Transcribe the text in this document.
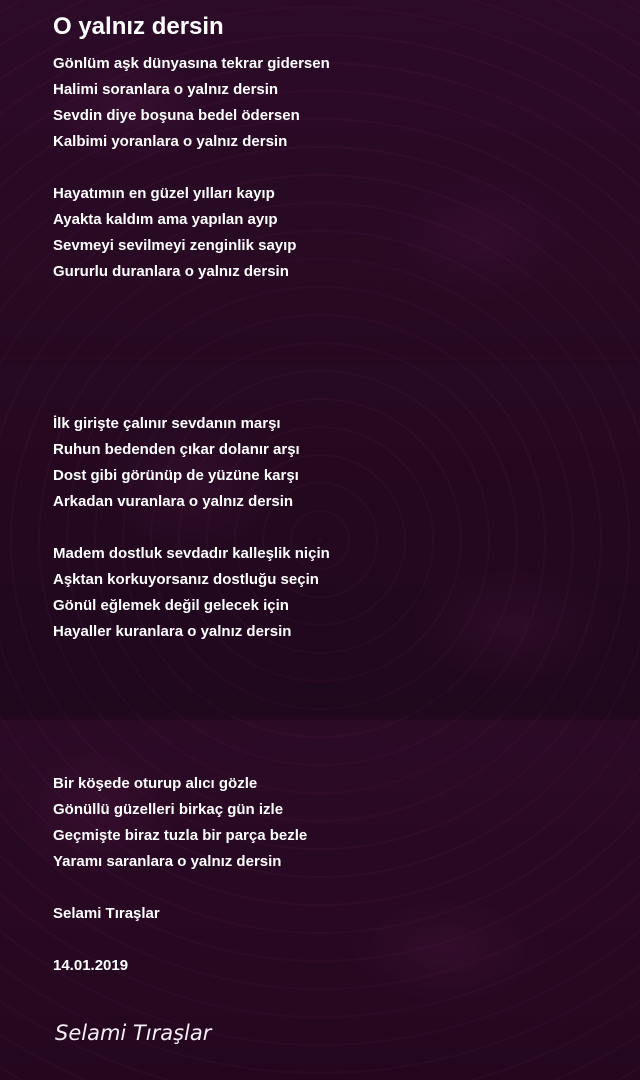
O yalnız dersin
Gönlüm aşk dünyasına tekrar gidersen
Halimi soranlara o yalnız dersin
Sevdin diye boşuna bedel ödersen
Kalbimi yoranlara o yalnız dersin
Hayatımın en güzel yılları kayıp
Ayakta kaldım ama yapılan ayıp
Sevmeyi sevilmeyi zenginlik sayıp
Gururlu duranlara o yalnız dersin
İlk girişte çalınır sevdanın marşı
Ruhun bedenden çıkar dolanır arşı
Dost gibi görünüp de yüzüne karşı
Arkadan vuranlara o yalnız dersin
Madem dostluk sevdadır kalleşlik niçin
Aşktan korkuyorsanız dostluğu seçin
Gönül eğlemek değil gelecek için
Hayaller kuranlara o yalnız dersin
Bir köşede oturup alıcı gözle
Gönüllü güzelleri birkaç gün izle
Geçmişte biraz tuzla bir parça bezle
Yaramı saranlara o yalnız dersin
Selami Tıraşlar
14.01.2019
Selami Tıraşlar
